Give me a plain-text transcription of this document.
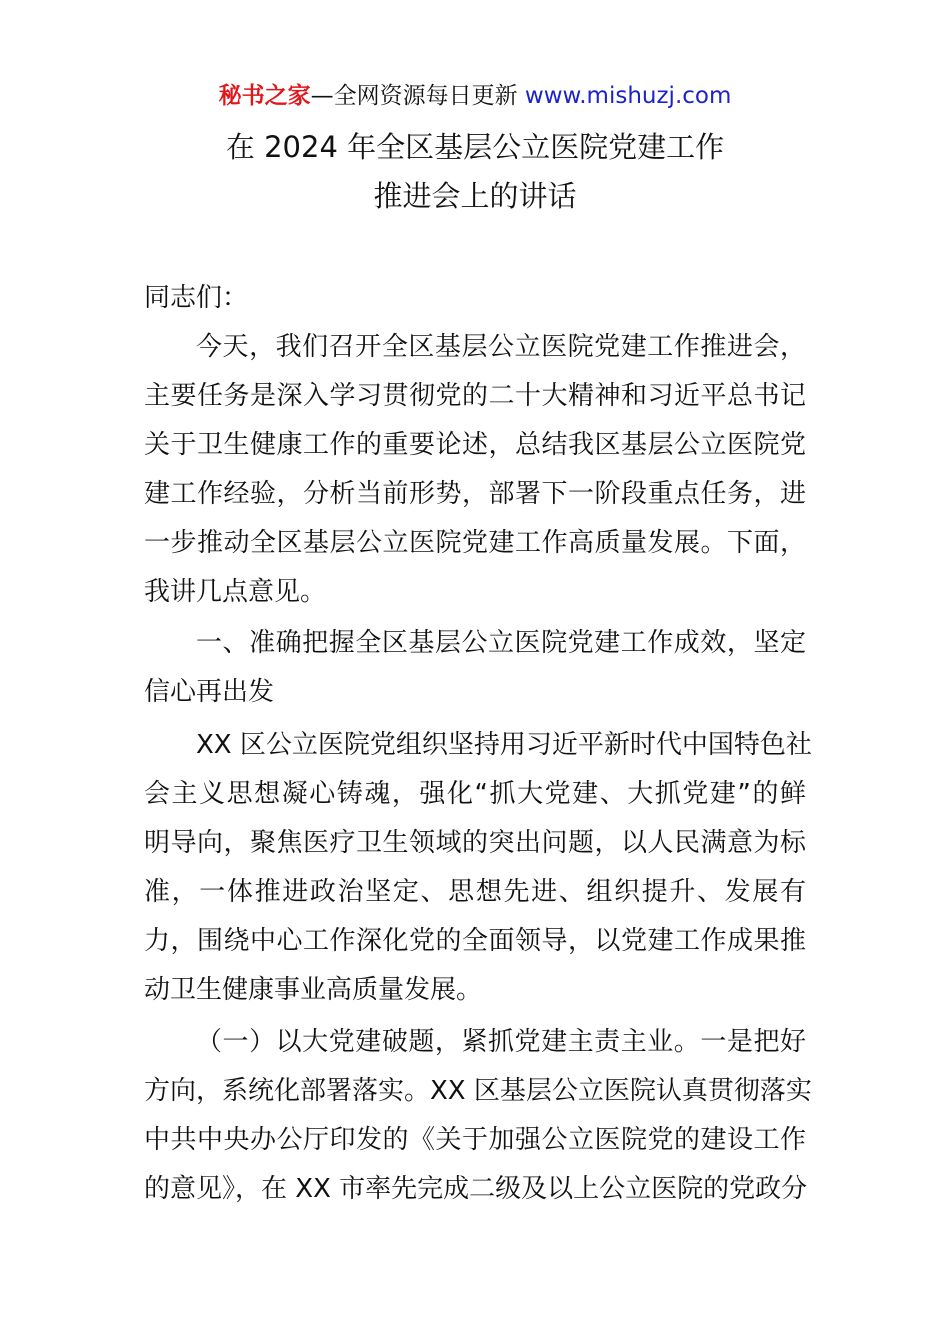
秘书之家—全网资源每日更新 www.mishuzj.com
在 2024 年全区基层公立医院党建工作
推进会上的讲话
同志们：
今天，我们召开全区基层公立医院党建工作推进会，
主要任务是深入学习贯彻党的二十大精神和习近平总书记
关于卫生健康工作的重要论述，总结我区基层公立医院党
建工作经验，分析当前形势，部署下一阶段重点任务，进
一步推动全区基层公立医院党建工作高质量发展。下面，
我讲几点意见。
一、准确把握全区基层公立医院党建工作成效，坚定
信心再出发
XX 区公立医院党组织坚持用习近平新时代中国特色社
会主义思想凝心铸魂，强化“抓大党建、大抓党建”的鲜
明导向，聚焦医疗卫生领域的突出问题，以人民满意为标
准，一体推进政治坚定、思想先进、组织提升、发展有
力，围绕中心工作深化党的全面领导，以党建工作成果推
动卫生健康事业高质量发展。
（一）以大党建破题，紧抓党建主责主业。一是把好
方向，系统化部署落实。XX 区基层公立医院认真贯彻落实
中共中央办公厅印发的《关于加强公立医院党的建设工作
的意见》，在 XX 市率先完成二级及以上公立医院的党政分
